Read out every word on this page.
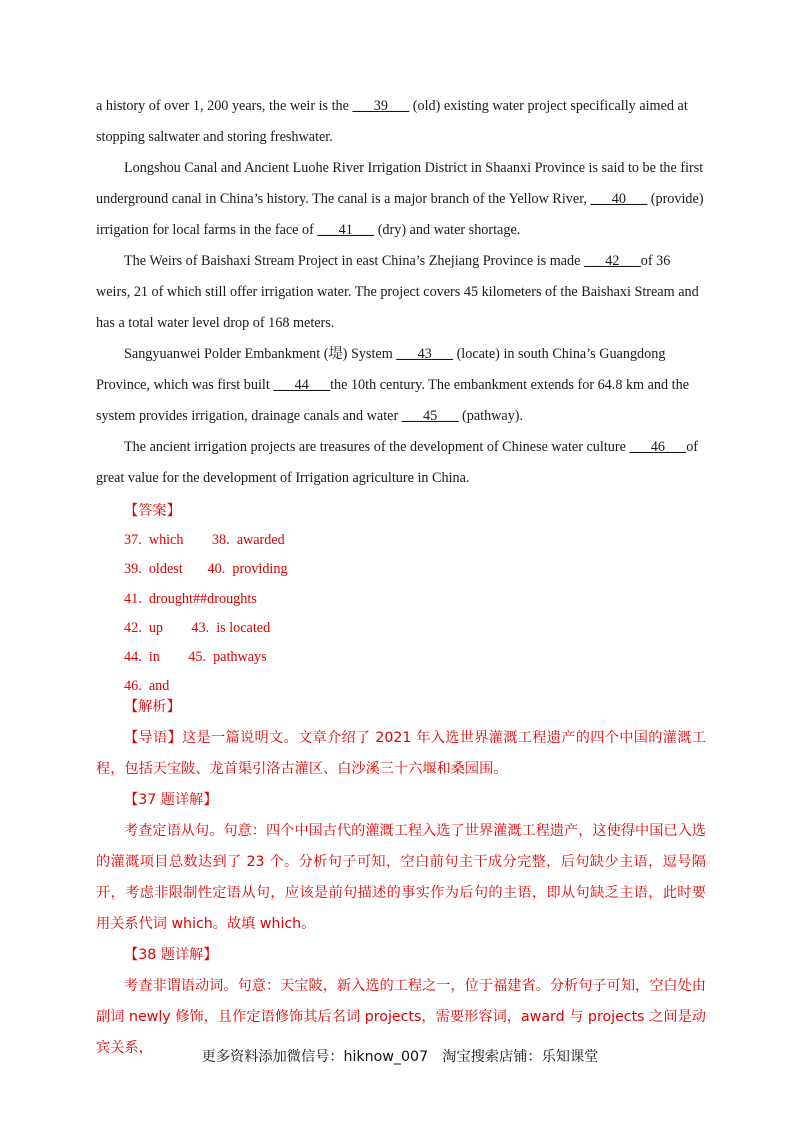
a history of over 1, 200 years, the weir is the ___39___ (old) existing water project specifically aimed at stopping saltwater and storing freshwater.

Longshou Canal and Ancient Luohe River Irrigation District in Shaanxi Province is said to be the first underground canal in China’s history. The canal is a major branch of the Yellow River, ___40___ (provide) irrigation for local farms in the face of ___41___ (dry) and water shortage.

The Weirs of Baishaxi Stream Project in east China’s Zhejiang Province is made ___42___of 36 weirs, 21 of which still offer irrigation water. The project covers 45 kilometers of the Baishaxi Stream and has a total water level drop of 168 meters.

Sangyuanwei Polder Embankment (堤) System ___43___ (locate) in south China’s Guangdong Province, which was first built ___44___the 10th century. The embankment extends for 64.8 km and the system provides irrigation, drainage canals and water ___45___ (pathway).

The ancient irrigation projects are treasures of the development of Chinese water culture ___46___of great value for the development of Irrigation agriculture in China.

【答案】
37.  which        38.  awarded
39.  oldest       40.  providing
41.  drought##droughts
42.  up        43.  is located
44.  in        45.  pathways
46.  and
【解析】

【导语】这是一篇说明文。文章介绍了 2021 年入选世界灌溉工程遗产的四个中国的灌溉工程，包括天宝陂、龙首渠引洛古灌区、白沙溪三十六堰和桑园围。

【37 题详解】

考查定语从句。句意：四个中国古代的灌溉工程入选了世界灌溉工程遗产，这使得中国已入选的灌溉项目总数达到了 23 个。分析句子可知，空白前句主干成分完整，后句缺少主语，逗号隔开，考虑非限制性定语从句，应该是前句描述的事实作为后句的主语，即从句缺乏主语，此时要用关系代词 which。故填 which。

【38 题详解】

考查非谓语动词。句意：天宝陂，新入选的工程之一，位于福建省。分析句子可知，空白处由副词 newly 修饰，且作定语修饰其后名词 projects，需要形容词，award 与 projects 之间是动宾关系，

更多资料添加微信号：hiknow_007　淘宝搜索店铺：乐知课堂
